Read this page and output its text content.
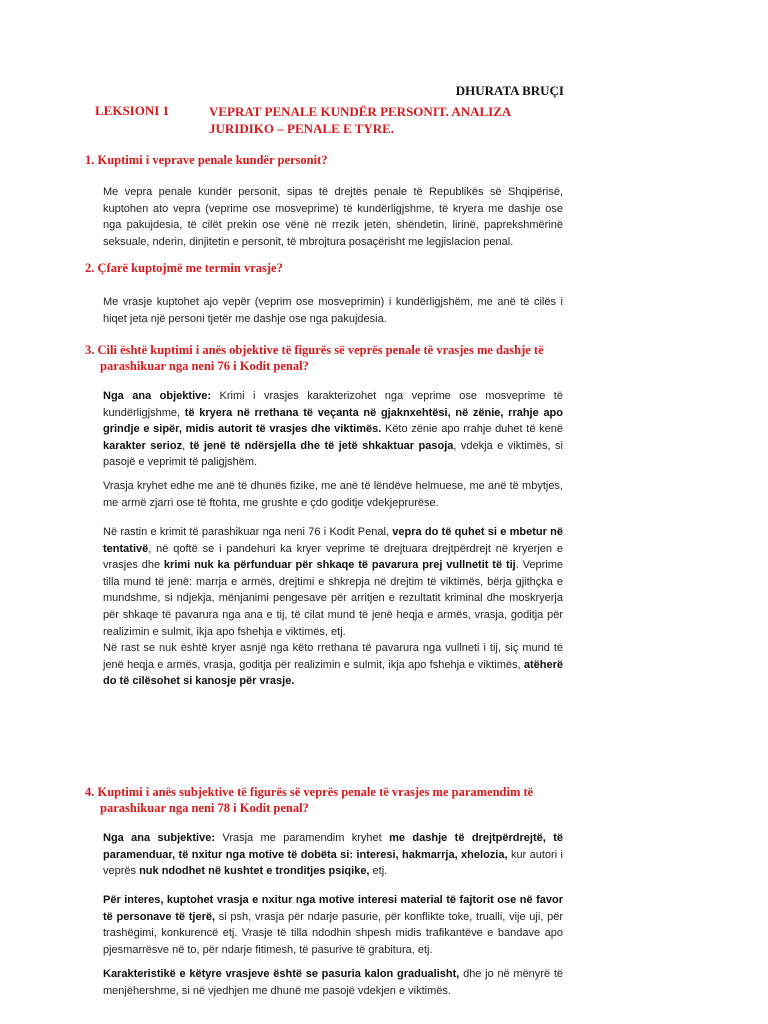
DHURATA BRUÇI
LEKSIONI 1	VEPRAT PENALE KUNDËR PERSONIT. ANALIZA JURIDIKO – PENALE E TYRE.
1. Kuptimi i veprave penale kundër personit?
Me vepra penale kundër personit, sipas të drejtës penale të Republikës së Shqipërisë, kuptohen ato vepra (veprime ose mosveprime) të kundërligjshme, të kryera me dashje ose nga pakujdesia, të cilët prekin ose vënë në rrezik jetën, shëndetin, lirinë, paprekshmërinë seksuale, nderin, dinjitetin e personit, të mbrojtura posaçërisht me legjislacion penal.
2. Çfarë kuptojmë me termin vrasje?
Me vrasje kuptohet ajo vepër (veprim ose mosveprimin) i kundërligjshëm, me anë të cilës i hiqet jeta një personi tjetër me dashje ose nga pakujdesia.
3. Cili është kuptimi i anës objektive të figurës së veprës penale të vrasjes me dashje të parashikuar nga neni 76 i Kodit penal?
Nga ana objektive: Krimi i vrasjes karakterizohet nga veprime ose mosveprime të kundërligjshme, të kryera në rrethana të veçanta në gjaknxehtësi, në zënie, rrahje apo grindje e sipër, midis autorit të vrasjes dhe viktimës. Këto zënie apo rrahje duhet të kenë karakter serioz, të jenë të ndërsjella dhe të jetë shkaktuar pasoja, vdekja e viktimës, si pasojë e veprimit të paligjshëm.
Vrasja kryhet edhe me anë të dhunës fizike, me anë të lëndëve helmuese, me anë të mbytjes, me armë zjarri ose të ftohta, me grushte e çdo goditje vdekjeprurëse.
Në rastin e krimit të parashikuar nga neni 76 i Kodit Penal, vepra do të quhet si e mbetur në tentativë, në qoftë se i pandehuri ka kryer veprime të drejtuara drejtpërdrejt në kryerjen e vrasjes dhe krimi nuk ka përfunduar për shkaqe të pavarura prej vullnetit të tij. Veprime tilla mund të jenë: marrja e armës, drejtimi e shkrepja në drejtim të viktimës, bërja gjithçka e mundshme, si ndjekja, mënjanimi pengesave për arritjen e rezultatit kriminal dhe moskryerja për shkaqe të pavarura nga ana e tij, të cilat mund të jenë heqja e armës, vrasja, goditja për realizimin e sulmit, ikja apo fshehja e viktimës, etj.
Në rast se nuk është kryer asnjë nga këto rrethana të pavarura nga vullneti i tij, siç mund të jenë heqja e armës, vrasja, goditja për realizimin e sulmit, ikja apo fshehja e viktimës, atëherë do të cilësohet si kanosje për vrasje.
4. Kuptimi i anës subjektive të figurës së veprës penale të vrasjes me paramendim të parashikuar nga neni 78 i Kodit penal?
Nga ana subjektive: Vrasja me paramendim kryhet me dashje të drejtpërdrejtë, të paramenduar, të nxitur nga motive të dobëta si: interesi, hakmarrja, xhelozia, kur autori i veprës nuk ndodhet në kushtet e tronditjes psiqike, etj.
Për interes, kuptohet vrasja e nxitur nga motive interesi material të fajtorit ose në favor të personave të tjerë, si psh, vrasja për ndarje pasurie, për konflikte toke, trualli, vije uji, për trashëgimi, konkurencë etj. Vrasje të tilla ndodhin shpesh midis trafikantëve e bandave apo pjesmarrësve në to, për ndarje fitimesh, të pasurive të grabitura, etj.
Karakteristikë e këtyre vrasjeve është se pasuria kalon gradualisht, dhe jo në mënyrë të menjëhershme, si në vjedhjen me dhunë me pasojë vdekjen e viktimës.
